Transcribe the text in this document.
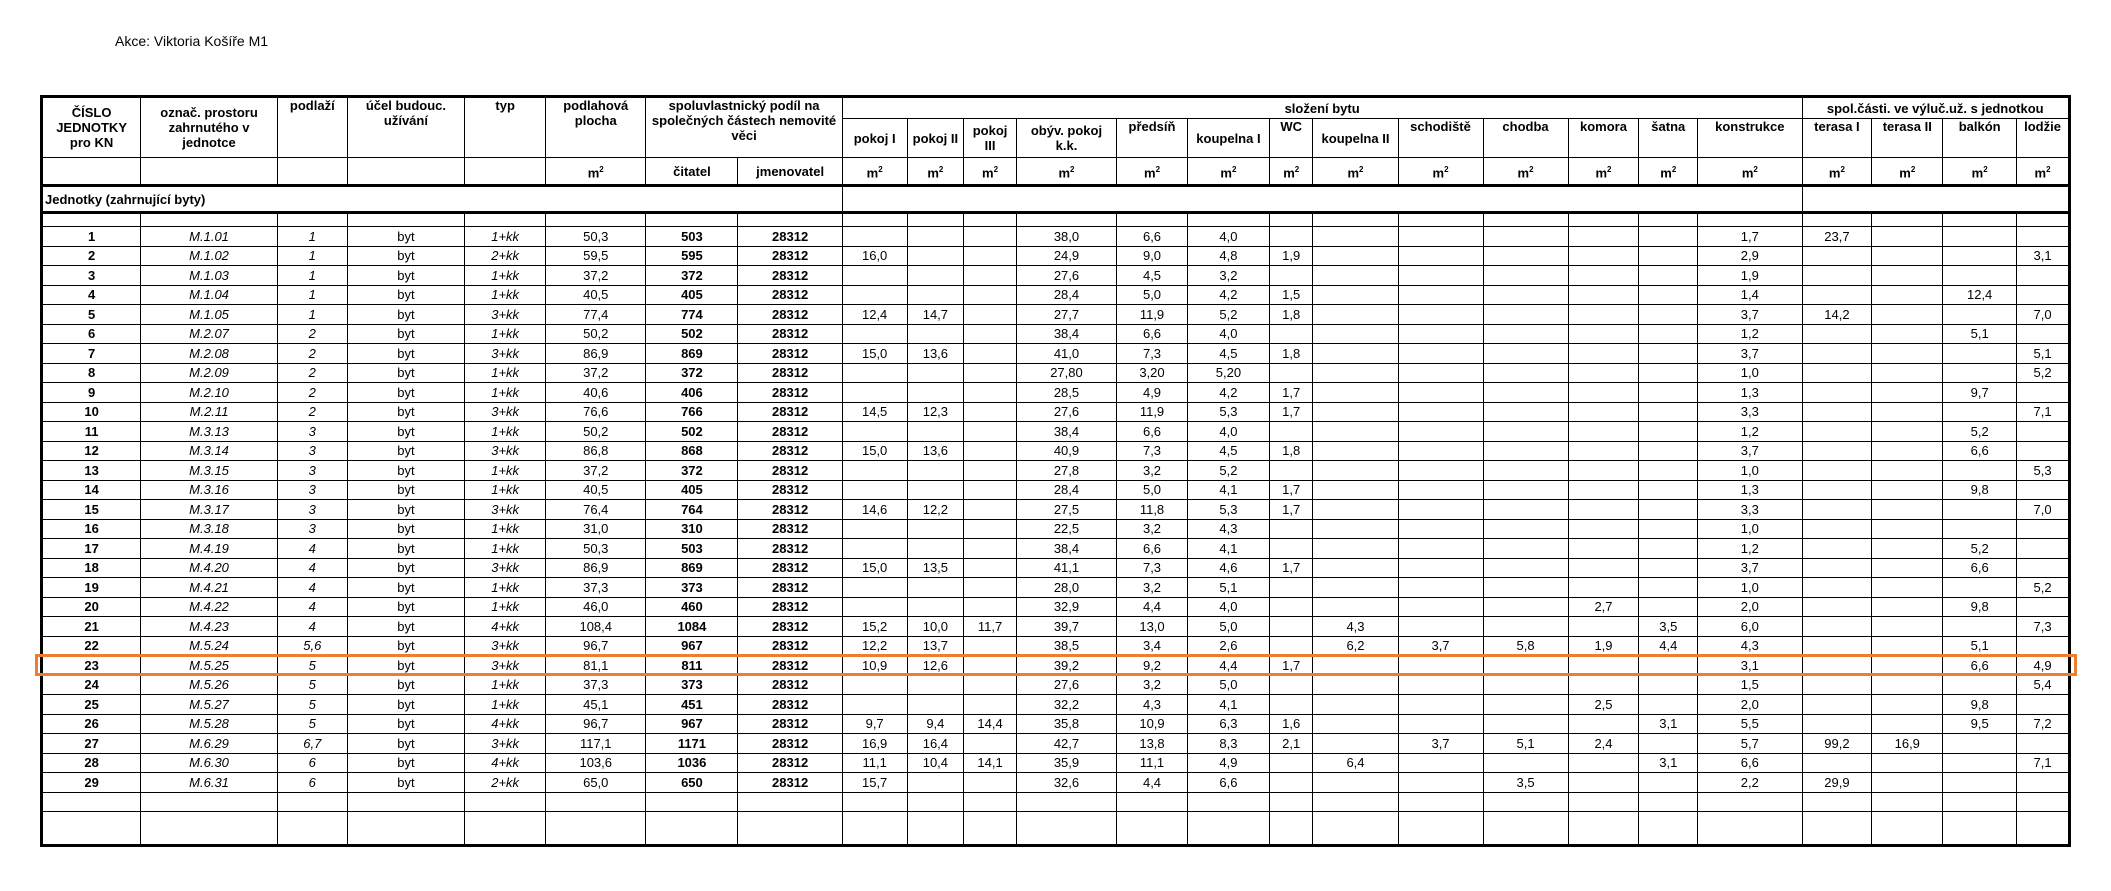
Akce: Viktoria Košíře M1
ČÍSLO JEDNOTKY pro KN	označ. prostoru zahrnutého v jednotce	podlaží	účel budouc. užívání	typ	podlahová plocha	spoluvlastnický podíl na společných částech nemovité věci		složení bytu													spol.části. ve výluč.už. s jednotkou			
								pokoj I	pokoj II	pokoj III	obýv. pokoj k.k.	předsíň	koupelna I	WC	koupelna II	schodiště	chodba	komora	šatna	konstrukce	terasa I	terasa II	balkón	lodžie
					$m^2$	čitatel	jmenovatel	$m^2$	$m^2$	$m^2$	$m^2$	$m^2$	$m^2$	$m^2$	$m^2$	$m^2$	$m^2$	$m^2$	$m^2$	$m^2$	$m^2$	$m^2$	$m^2$	$m^2$
Jednotky (zahrnující byty)																								

1	M.1.01	1	byt	1+kk	50,3	503	28312				38,0	6,6	4,0							1,7	23,7			
2	M.1.02	1	byt	2+kk	59,5	595	28312	16,0			24,9	9,0	4,8	1,9						2,9				3,1
3	M.1.03	1	byt	1+kk	37,2	372	28312				27,6	4,5	3,2							1,9				
4	M.1.04	1	byt	1+kk	40,5	405	28312				28,4	5,0	4,2	1,5						1,4			12,4	
5	M.1.05	1	byt	3+kk	77,4	774	28312	12,4	14,7		27,7	11,9	5,2	1,8						3,7	14,2			7,0
6	M.2.07	2	byt	1+kk	50,2	502	28312				38,4	6,6	4,0							1,2			5,1	
7	M.2.08	2	byt	3+kk	86,9	869	28312	15,0	13,6		41,0	7,3	4,5	1,8						3,7				5,1
8	M.2.09	2	byt	1+kk	37,2	372	28312				27,80	3,20	5,20							1,0				5,2
9	M.2.10	2	byt	1+kk	40,6	406	28312				28,5	4,9	4,2	1,7						1,3			9,7	
10	M.2.11	2	byt	3+kk	76,6	766	28312	14,5	12,3		27,6	11,9	5,3	1,7						3,3				7,1
11	M.3.13	3	byt	1+kk	50,2	502	28312				38,4	6,6	4,0							1,2			5,2	
12	M.3.14	3	byt	3+kk	86,8	868	28312	15,0	13,6		40,9	7,3	4,5	1,8						3,7			6,6	
13	M.3.15	3	byt	1+kk	37,2	372	28312				27,8	3,2	5,2							1,0				5,3
14	M.3.16	3	byt	1+kk	40,5	405	28312				28,4	5,0	4,1	1,7						1,3			9,8	
15	M.3.17	3	byt	3+kk	76,4	764	28312	14,6	12,2		27,5	11,8	5,3	1,7						3,3				7,0
16	M.3.18	3	byt	1+kk	31,0	310	28312				22,5	3,2	4,3							1,0				
17	M.4.19	4	byt	1+kk	50,3	503	28312				38,4	6,6	4,1							1,2			5,2	
18	M.4.20	4	byt	3+kk	86,9	869	28312	15,0	13,5		41,1	7,3	4,6	1,7						3,7			6,6	
19	M.4.21	4	byt	1+kk	37,3	373	28312				28,0	3,2	5,1							1,0				5,2
20	M.4.22	4	byt	1+kk	46,0	460	28312				32,9	4,4	4,0					2,7		2,0			9,8	
21	M.4.23	4	byt	4+kk	108,4	1084	28312	15,2	10,0	11,7	39,7	13,0	5,0		4,3				3,5	6,0				7,3
22	M.5.24	5,6	byt	3+kk	96,7	967	28312	12,2	13,7		38,5	3,4	2,6		6,2	3,7	5,8	1,9	4,4	4,3			5,1	
23	M.5.25	5	byt	3+kk	81,1	811	28312	10,9	12,6		39,2	9,2	4,4	1,7						3,1			6,6	4,9
24	M.5.26	5	byt	1+kk	37,3	373	28312				27,6	3,2	5,0							1,5				5,4
25	M.5.27	5	byt	1+kk	45,1	451	28312				32,2	4,3	4,1					2,5		2,0			9,8	
26	M.5.28	5	byt	4+kk	96,7	967	28312	9,7	9,4	14,4	35,8	10,9	6,3	1,6					3,1	5,5			9,5	7,2
27	M.6.29	6,7	byt	3+kk	117,1	1171	28312	16,9	16,4		42,7	13,8	8,3	2,1		3,7	5,1	2,4		5,7	99,2	16,9		
28	M.6.30	6	byt	4+kk	103,6	1036	28312	11,1	10,4	14,1	35,9	11,1	4,9		6,4				3,1	6,6				7,1
29	M.6.31	6	byt	2+kk	65,0	650	28312	15,7			32,6	4,4	6,6				3,5			2,2	29,9			
